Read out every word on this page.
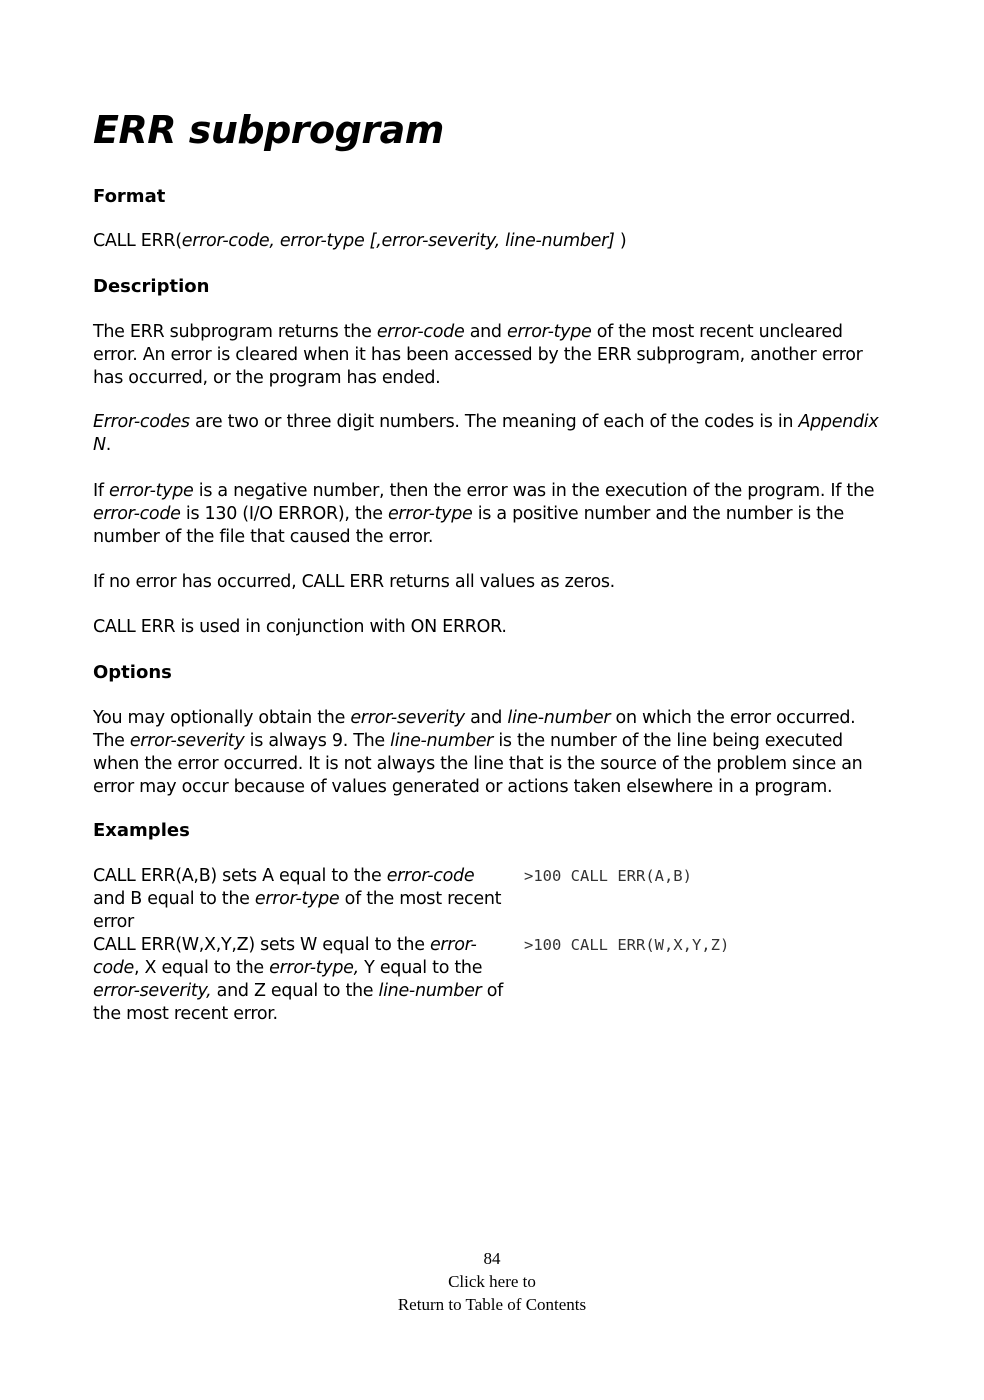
ERR subprogram
Format

CALL ERR(error-code, error-type [,error-severity, line-number] )

Description

The ERR subprogram returns the error-code and error-type of the most recent uncleared error. An error is cleared when it has been accessed by the ERR subprogram, another error has occurred, or the program has ended.

Error-codes are two or three digit numbers. The meaning of each of the codes is in Appendix N.

If error-type is a negative number, then the error was in the execution of the program. If the error-code is 130 (I/O ERROR), the error-type is a positive number and the number is the number of the file that caused the error.

If no error has occurred, CALL ERR returns all values as zeros.

CALL ERR is used in conjunction with ON ERROR.

Options

You may optionally obtain the error-severity and line-number on which the error occurred. The error-severity is always 9. The line-number is the number of the line being executed when the error occurred. It is not always the line that is the source of the problem since an error may occur because of values generated or actions taken elsewhere in a program.

Examples
CALL ERR(A,B) sets A equal to the error-code and B equal to the error-type of the most recent error
>100 CALL ERR(A,B)
CALL ERR(W,X,Y,Z) sets W equal to the error-code, X equal to the error-type, Y equal to the error-severity, and Z equal to the line-number of the most recent error.
>100 CALL ERR(W,X,Y,Z)
84
Click here to
Return to Table of Contents
